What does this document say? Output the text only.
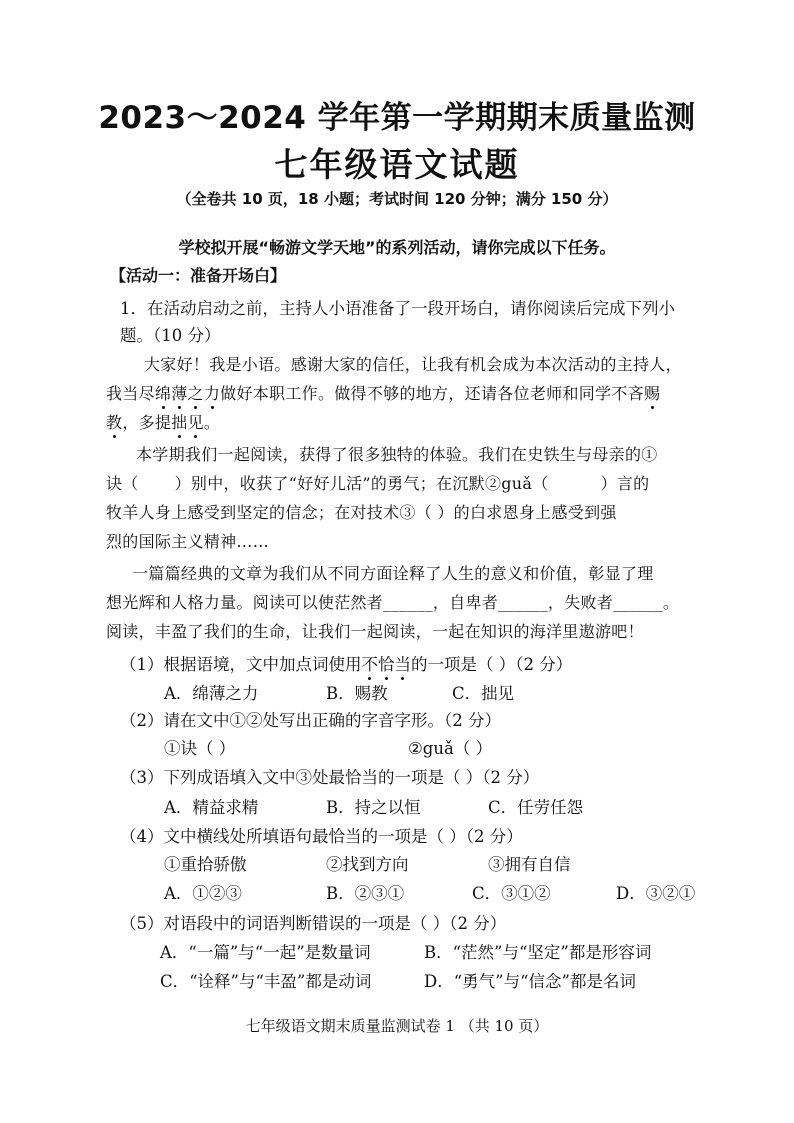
2023～2024 学年第一学期期末质量监测
七年级语文试题
（全卷共 10 页，18 小题；考试时间 120 分钟；满分 150 分）
学校拟开展“畅游文学天地”的系列活动，请你完成以下任务。
【活动一：准备开场白】
1．在活动启动之前，主持人小语准备了一段开场白，请你阅读后完成下列小
题。（10 分）
大家好！我是小语。感谢大家的信任，让我有机会成为本次活动的主持人，
我当尽绵薄之力做好本职工作。做得不够的地方，还请各位老师和同学不吝赐
教，多提拙见。
本学期我们一起阅读，获得了很多独特的体验。我们在史铁生与母亲的①
诀（ ）别中，收获了“好好儿活”的勇气；在沉默②guǎ（	）言的
牧羊人身上感受到坚定的信念；在对技术③（ ）的白求恩身上感受到强
烈的国际主义精神……
一篇篇经典的文章为我们从不同方面诠释了人生的意义和价值，彰显了理
想光辉和人格力量。阅读可以使茫然者______，自卑者______，失败者______。
阅读，丰盈了我们的生命，让我们一起阅读，一起在知识的海洋里遨游吧！
（1）根据语境，文中加点词使用不恰当的一项是（ ）（2 分）
A．绵薄之力	B．赐教	C．拙见
（2）请在文中①②处写出正确的字音字形。（2 分）
①诀（ ）	②guǎ（ ）
（3）下列成语填入文中③处最恰当的一项是（ ）（2 分）
A．精益求精	B．持之以恒	C．任劳任怨
（4）文中横线处所填语句最恰当的一项是（ ）（2 分）
①重拾骄傲	②找到方向	③拥有自信
A．①②③	B．②③①	C．③①②	D．③②①
（5）对语段中的词语判断错误的一项是（ ）（2 分）
A．“一篇”与“一起”是数量词	B．“茫然”与“坚定”都是形容词
C．“诠释”与“丰盈”都是动词	D．“勇气”与“信念”都是名词
七年级语文期末质量监测试卷 1 （共 10 页）
